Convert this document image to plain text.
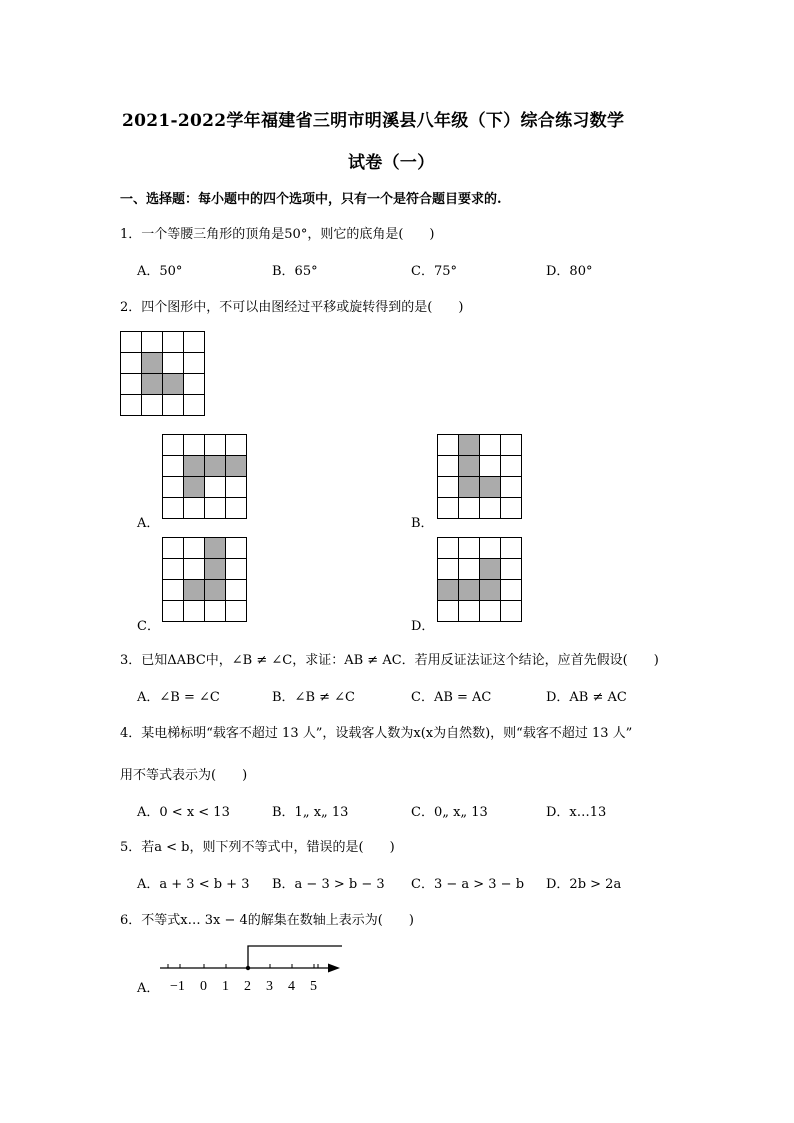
2021-2022学年福建省三明市明溪县八年级（下）综合练习数学
试卷（一）
一、选择题：每小题中的四个选项中，只有一个是符合题目要求的.
1．一个等腰三角形的顶角是50°，则它的底角是(　　)
A．50°	B．65°	C．75°	D．80°
2．四个图形中，不可以由图经过平移或旋转得到的是(　　)

A．

				B．

C．

				D．

3．已知ΔABC中，∠B ≠ ∠C，求证：AB ≠ AC．若用反证法证这个结论，应首先假设(　　)
A．∠B = ∠C	B．∠B ≠ ∠C	C．AB = AC	D．AB ≠ AC
4．某电梯标明“载客不超过 13 人”，设载客人数为x(x为自然数)，则“载客不超过 13 人”
用不等式表示为(　　)
A．0 < x < 13	B．1„ x„ 13	C．0„ x„ 13	D．x…13
5．若a < b，则下列不等式中，错误的是(　　)
A．a + 3 < b + 3 B．a − 3 > b − 3 C．3 − a > 3 − b D．2b > 2a
6．不等式x… 3x − 4的解集在数轴上表示为(　　)
A． −1 0 1 2 3 4 5
